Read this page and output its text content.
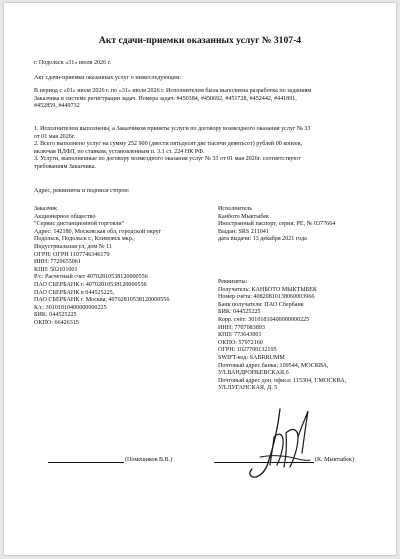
Акт сдачи-приемки оказанных услуг № 3107-4
г. Подольск «31» июля 2026 г.
Акт сдачи-приемки оказанных услуг о нижеследующем:
В период с «01» июля 2026 г. по «31» июля 2026 г. Исполнителем была выполнена разработка по заданиям
Заказчика в системе регистрации задач. Номера задач: #450384, #450692, #451728, #452442, #441891,
#452859, #449732
1. Исполнителем выполнены, а Заказчиком приняты услуги по договору возмездного оказания услуг № 33
от 01 мая 2026г.
2. Всего выполнено услуг на сумму 252 900 (двести пятьдесят две тысячи девятьсот) рублей 00 копеек,
включая НДФЛ, по ставкам, установленным п. 3.1 ст. 224 НК РФ.
3. Услуги, выполненные по договору возмездного оказания услуг № 33 от 01 мая 2026г. соответствуют
требованиям Заказчика.
Адрес, реквизиты и подписи сторон:
Заказчик
Акционерное общество
"Сервис дистанционной торговли"
Адрес: 142180, Московская обл, городской округ
Подольск, Подольск г., Климовск мкр.,
Индустриальная ул, дом № 11
ОГРН: ОГРН 1107746346179
ИНН: 7729655061
КПП: 502101001
Р/с: Расчетный счет 40702810538120000556
ПАО СБЕРБАНК г. 40702810538120000556
ПАО СБЕРБАНК в 044525225,
ПАО СБЕРБАНК г. Москва, 40702810538120000556
К/с: 30101810400000000225
БИК: 044525225
ОКПО: 66426315
Исполнитель
Канбото Мыктыбек
Иностранный паспорт, серия: РЕ, № 0377664
Выдан: SRS 211041
дата выдачи: 13 декабря 2021 года
Реквизиты:
Получатель: КАНБОТО МЫКТЫБЕК
Номер счёта: 40820810138060003966
Банк получателя: ПАО Сбербанк
БИК: 044525225
Корр. счёт: 30101810400000000225
ИНН: 7707083893
КПП: 773643001
ОКПО: 57972160
ОГРН: 1027700132195
SWIFT-код: SABRRUMM
Почтовый адрес банка: 109544, МОСКВА,
УЛ.ВАНДРОНЬЕВСКАЯ,6
Почтовый адрес доп. офиса: 115304, Г.МОСКВА,
УЛ.ЛУГАНСКАЯ, Д. 5
(Помещиков В.В.)	(К. Мыктыбек)
